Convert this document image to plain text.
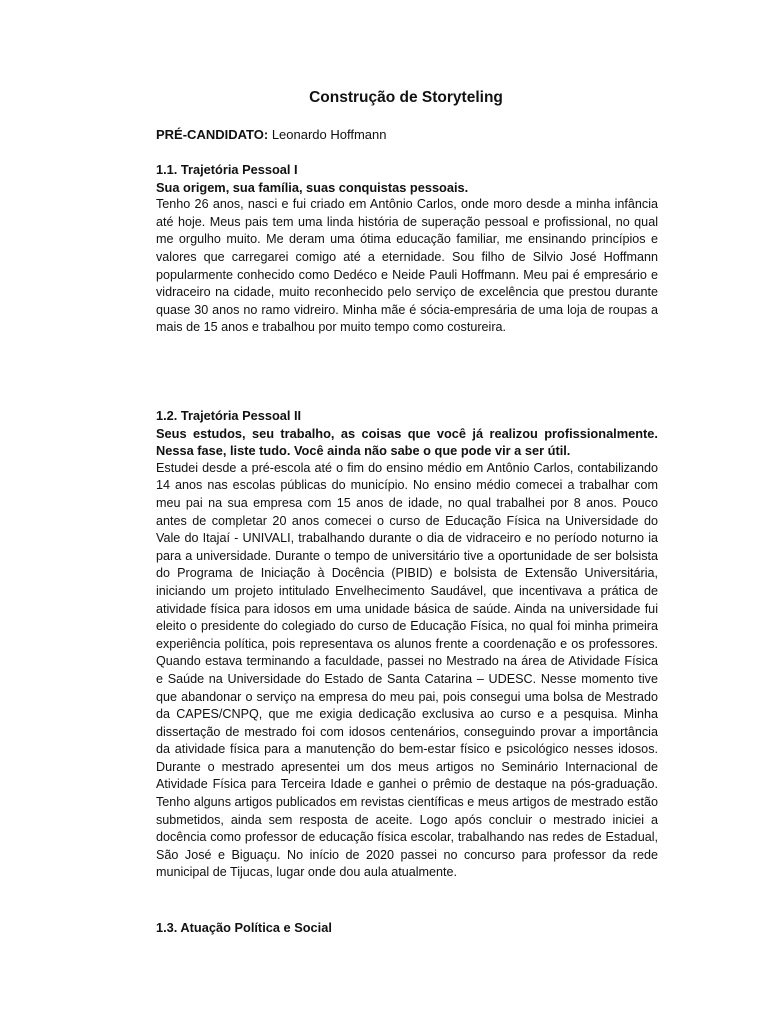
Construção de Storyteling
PRÉ-CANDIDATO: Leonardo Hoffmann
1.1. Trajetória Pessoal I
Sua origem, sua família, suas conquistas pessoais.

Tenho 26 anos, nasci e fui criado em Antônio Carlos, onde moro desde a minha infância até hoje. Meus pais tem uma linda história de superação pessoal e profissional, no qual me orgulho muito. Me deram uma ótima educação familiar, me ensinando princípios e valores que carregarei comigo até a eternidade. Sou filho de Silvio José Hoffmann popularmente conhecido como Dedéco e Neide Pauli Hoffmann. Meu pai é empresário e vidraceiro na cidade, muito reconhecido pelo serviço de excelência que prestou durante quase 30 anos no ramo vidreiro. Minha mãe é sócia-empresária de uma loja de roupas a mais de 15 anos e trabalhou por muito tempo como costureira.

1.2. Trajetória Pessoal II
Seus estudos, seu trabalho, as coisas que você já realizou profissionalmente. Nessa fase, liste tudo. Você ainda não sabe o que pode vir a ser útil.

Estudei desde a pré-escola até o fim do ensino médio em Antônio Carlos, contabilizando 14 anos nas escolas públicas do município. No ensino médio comecei a trabalhar com meu pai na sua empresa com 15 anos de idade, no qual trabalhei por 8 anos. Pouco antes de completar 20 anos comecei o curso de Educação Física na Universidade do Vale do Itajaí - UNIVALI, trabalhando durante o dia de vidraceiro e no período noturno ia para a universidade. Durante o tempo de universitário tive a oportunidade de ser bolsista do Programa de Iniciação à Docência (PIBID) e bolsista de Extensão Universitária, iniciando um projeto intitulado Envelhecimento Saudável, que incentivava a prática de atividade física para idosos em uma unidade básica de saúde. Ainda na universidade fui eleito o presidente do colegiado do curso de Educação Física, no qual foi minha primeira experiência política, pois representava os alunos frente a coordenação e os professores. Quando estava terminando a faculdade, passei no Mestrado na área de Atividade Física e Saúde na Universidade do Estado de Santa Catarina – UDESC. Nesse momento tive que abandonar o serviço na empresa do meu pai, pois consegui uma bolsa de Mestrado da CAPES/CNPQ, que me exigia dedicação exclusiva ao curso e a pesquisa. Minha dissertação de mestrado foi com idosos centenários, conseguindo provar a importância da atividade física para a manutenção do bem-estar físico e psicológico nesses idosos. Durante o mestrado apresentei um dos meus artigos no Seminário Internacional de Atividade Física para Terceira Idade e ganhei o prêmio de destaque na pós-graduação. Tenho alguns artigos publicados em revistas científicas e meus artigos de mestrado estão submetidos, ainda sem resposta de aceite. Logo após concluir o mestrado iniciei a docência como professor de educação física escolar, trabalhando nas redes de Estadual, São José e Biguaçu. No início de 2020 passei no concurso para professor da rede municipal de Tijucas, lugar onde dou aula atualmente.

1.3. Atuação Política e Social
